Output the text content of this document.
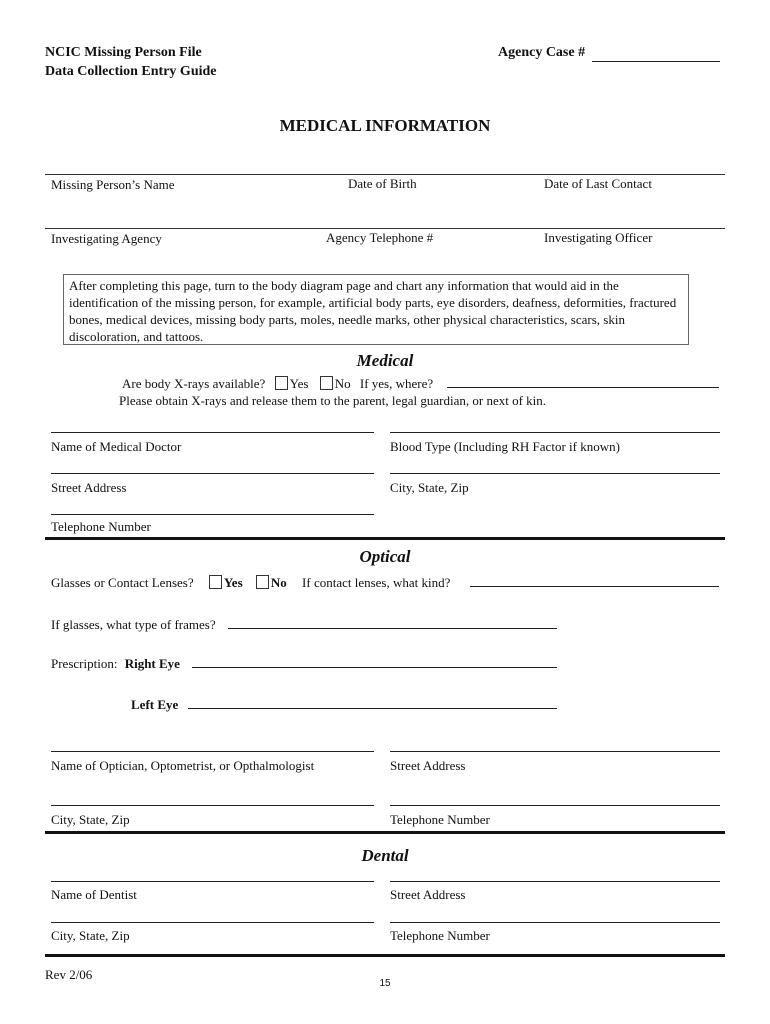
NCIC Missing Person File
Data Collection Entry Guide
Agency Case #
MEDICAL INFORMATION
Missing Person’s Name	Date of Birth	Date of Last Contact
Investigating Agency	Agency Telephone #	Investigating Officer
After completing this page, turn to the body diagram page and chart any information that would aid in the identification of the missing person, for example, artificial body parts, eye disorders, deafness, deformities, fractured bones, medical devices, missing body parts, moles, needle marks, other physical characteristics, scars, skin discoloration, and tattoos.
Medical
Are body X-rays available? Yes No If yes, where?
Please obtain X-rays and release them to the parent, legal guardian, or next of kin.
Name of Medical Doctor	Blood Type (Including RH Factor if known)
Street Address	City, State, Zip
Telephone Number
Optical
Glasses or Contact Lenses? Yes No If contact lenses, what kind?
If glasses, what type of frames?
Prescription: Right Eye
Left Eye
Name of Optician, Optometrist, or Opthalmologist	Street Address
City, State, Zip	Telephone Number
Dental
Name of Dentist	Street Address
City, State, Zip	Telephone Number
Rev 2/06
15
